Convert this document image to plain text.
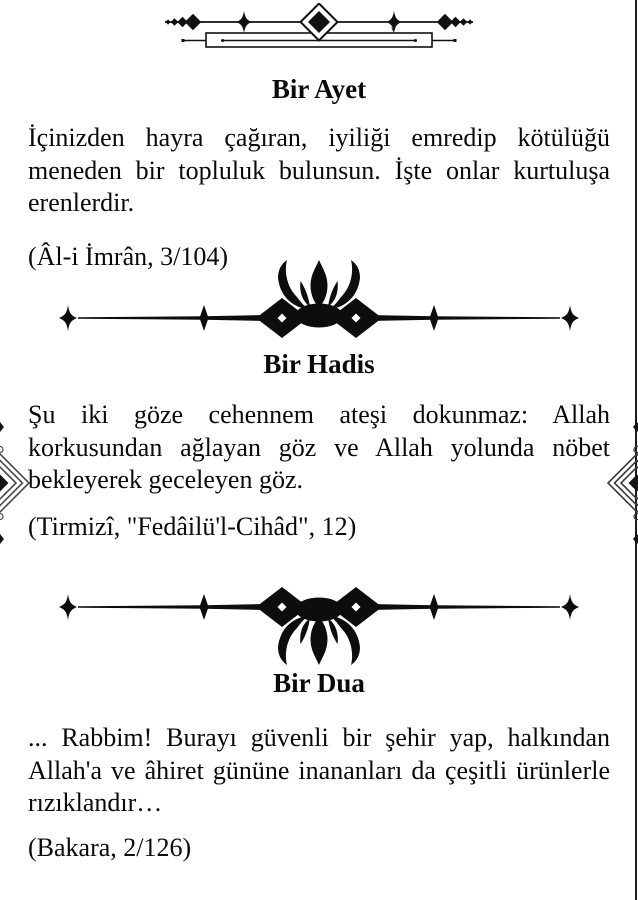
Bir Ayet
İçinizden hayra çağıran, iyiliği emredip kötülüğü
meneden bir topluluk bulunsun. İşte onlar kurtuluşa
erenlerdir.
(Âl-i İmrân, 3/104)
Bir Hadis
Şu iki göze cehennem ateşi dokunmaz: Allah
korkusundan ağlayan göz ve Allah yolunda nöbet
bekleyerek geceleyen göz.
(Tirmizî, "Fedâilü'l-Cihâd", 12)
Bir Dua
... Rabbim! Burayı güvenli bir şehir yap, halkından
Allah'a ve âhiret gününe inananları da çeşitli ürünlerle
rızıklandır…
(Bakara, 2/126)
